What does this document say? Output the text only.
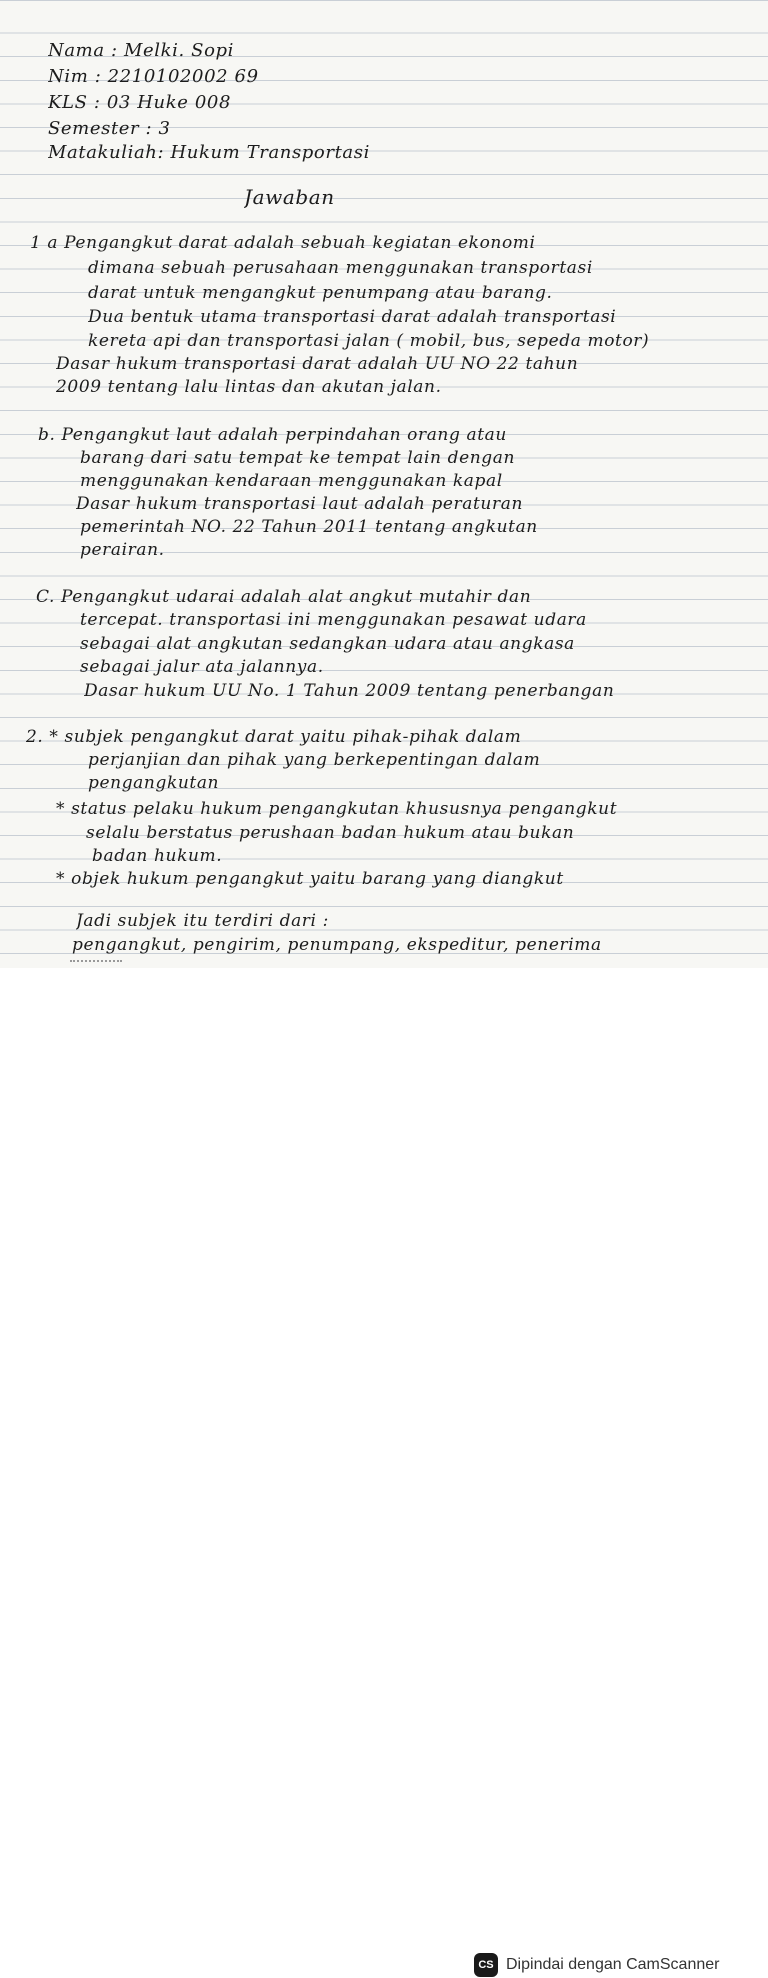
Nama : Melki. Sopi
Nim : 2210102002 69
KLS : 03 Huke 008
Semester : 3
Matakuliah: Hukum Transportasi
Jawaban
1 a Pengangkut darat adalah sebuah kegiatan ekonomi
dimana sebuah perusahaan menggunakan transportasi
darat untuk mengangkut penumpang atau barang.
Dua bentuk utama transportasi darat adalah transportasi
kereta api dan transportasi jalan ( mobil, bus, sepeda motor)
Dasar hukum transportasi darat adalah UU NO 22 tahun
2009 tentang lalu lintas dan akutan jalan.
b. Pengangkut laut adalah perpindahan orang atau
barang dari satu tempat ke tempat lain dengan
menggunakan kendaraan menggunakan kapal
Dasar hukum transportasi laut adalah peraturan
pemerintah NO. 22 Tahun 2011 tentang angkutan
perairan.
C. Pengangkut udarai adalah alat angkut mutahir dan
tercepat. transportasi ini menggunakan pesawat udara
sebagai alat angkutan sedangkan udara atau angkasa
sebagai jalur ata jalannya.
Dasar hukum UU No. 1 Tahun 2009 tentang penerbangan
2. * subjek pengangkut darat yaitu pihak-pihak dalam
perjanjian dan pihak yang berkepentingan dalam
pengangkutan
* status pelaku hukum pengangkutan khususnya pengangkut
selalu berstatus perushaan badan hukum atau bukan
badan hukum.
* objek hukum pengangkut yaitu barang yang diangkut
Jadi subjek itu terdiri dari :
pengangkut, pengirim, penumpang, ekspeditur, penerima
CS Dipindai dengan CamScanner
